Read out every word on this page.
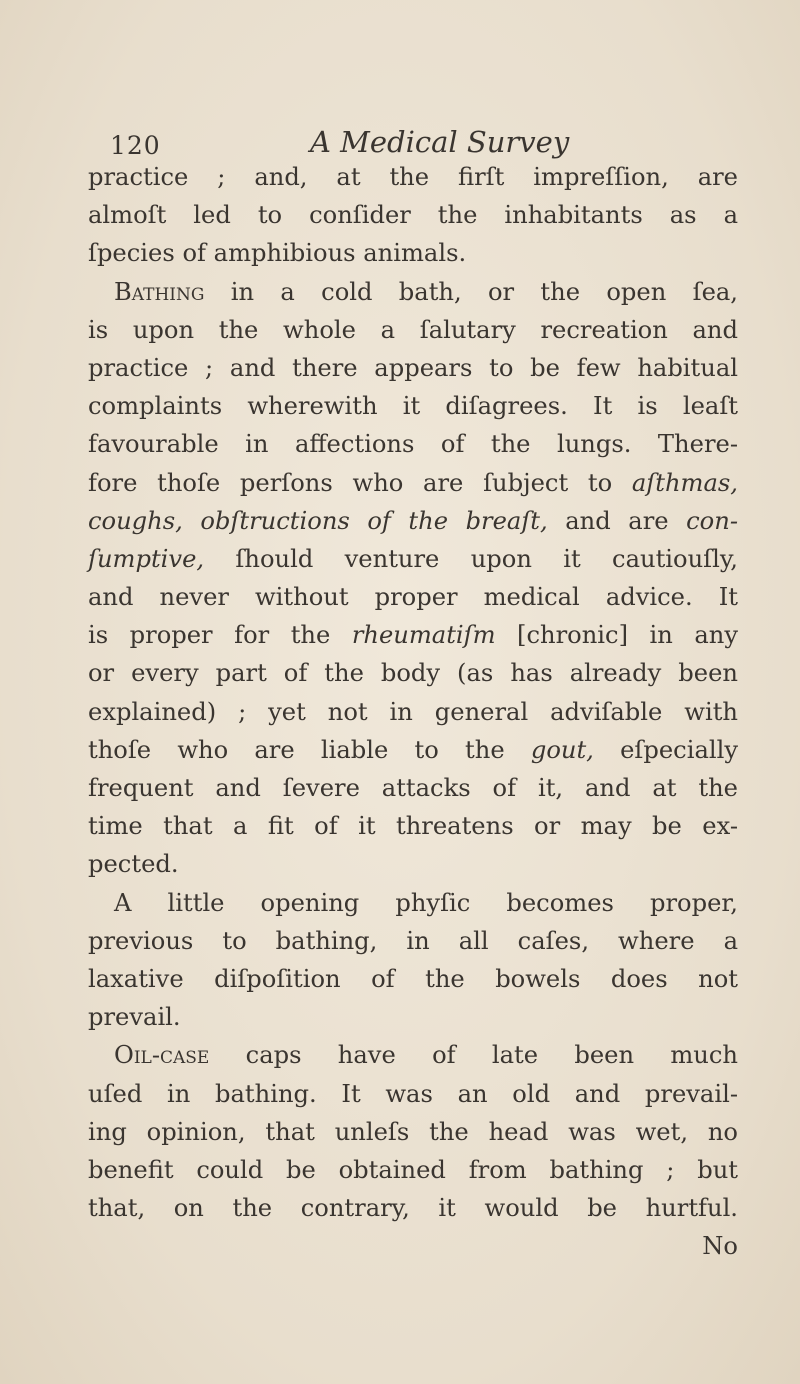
120	A Medical Survey
practice ; and, at the firſt impreſſion, are
almoſt led to conſider the inhabitants as a
ſpecies of amphibious animals.
Bathing in a cold bath, or the open ſea,
is upon the whole a ſalutary recreation and
practice ; and there appears to be few habitual
complaints wherewith it diſagrees. It is leaſt
favourable in affections of the lungs. There-
fore thoſe perſons who are ſubject to aſthmas,
coughs, obſtructions of the breaſt, and are con-
ſumptive, ſhould venture upon it cautiouſly,
and never without proper medical advice. It
is proper for the rheumatiſm [chronic] in any
or every part of the body (as has already been
explained) ; yet not in general adviſable with
thoſe who are liable to the gout, eſpecially
frequent and ſevere attacks of it, and at the
time that a fit of it threatens or may be ex-
pected.
A little opening phyſic becomes proper,
previous to bathing, in all caſes, where a
laxative diſpoſition of the bowels does not
prevail.
Oil-case caps have of late been much
uſed in bathing. It was an old and prevail-
ing opinion, that unleſs the head was wet, no
benefit could be obtained from bathing ; but
that, on the contrary, it would be hurtful.
No
